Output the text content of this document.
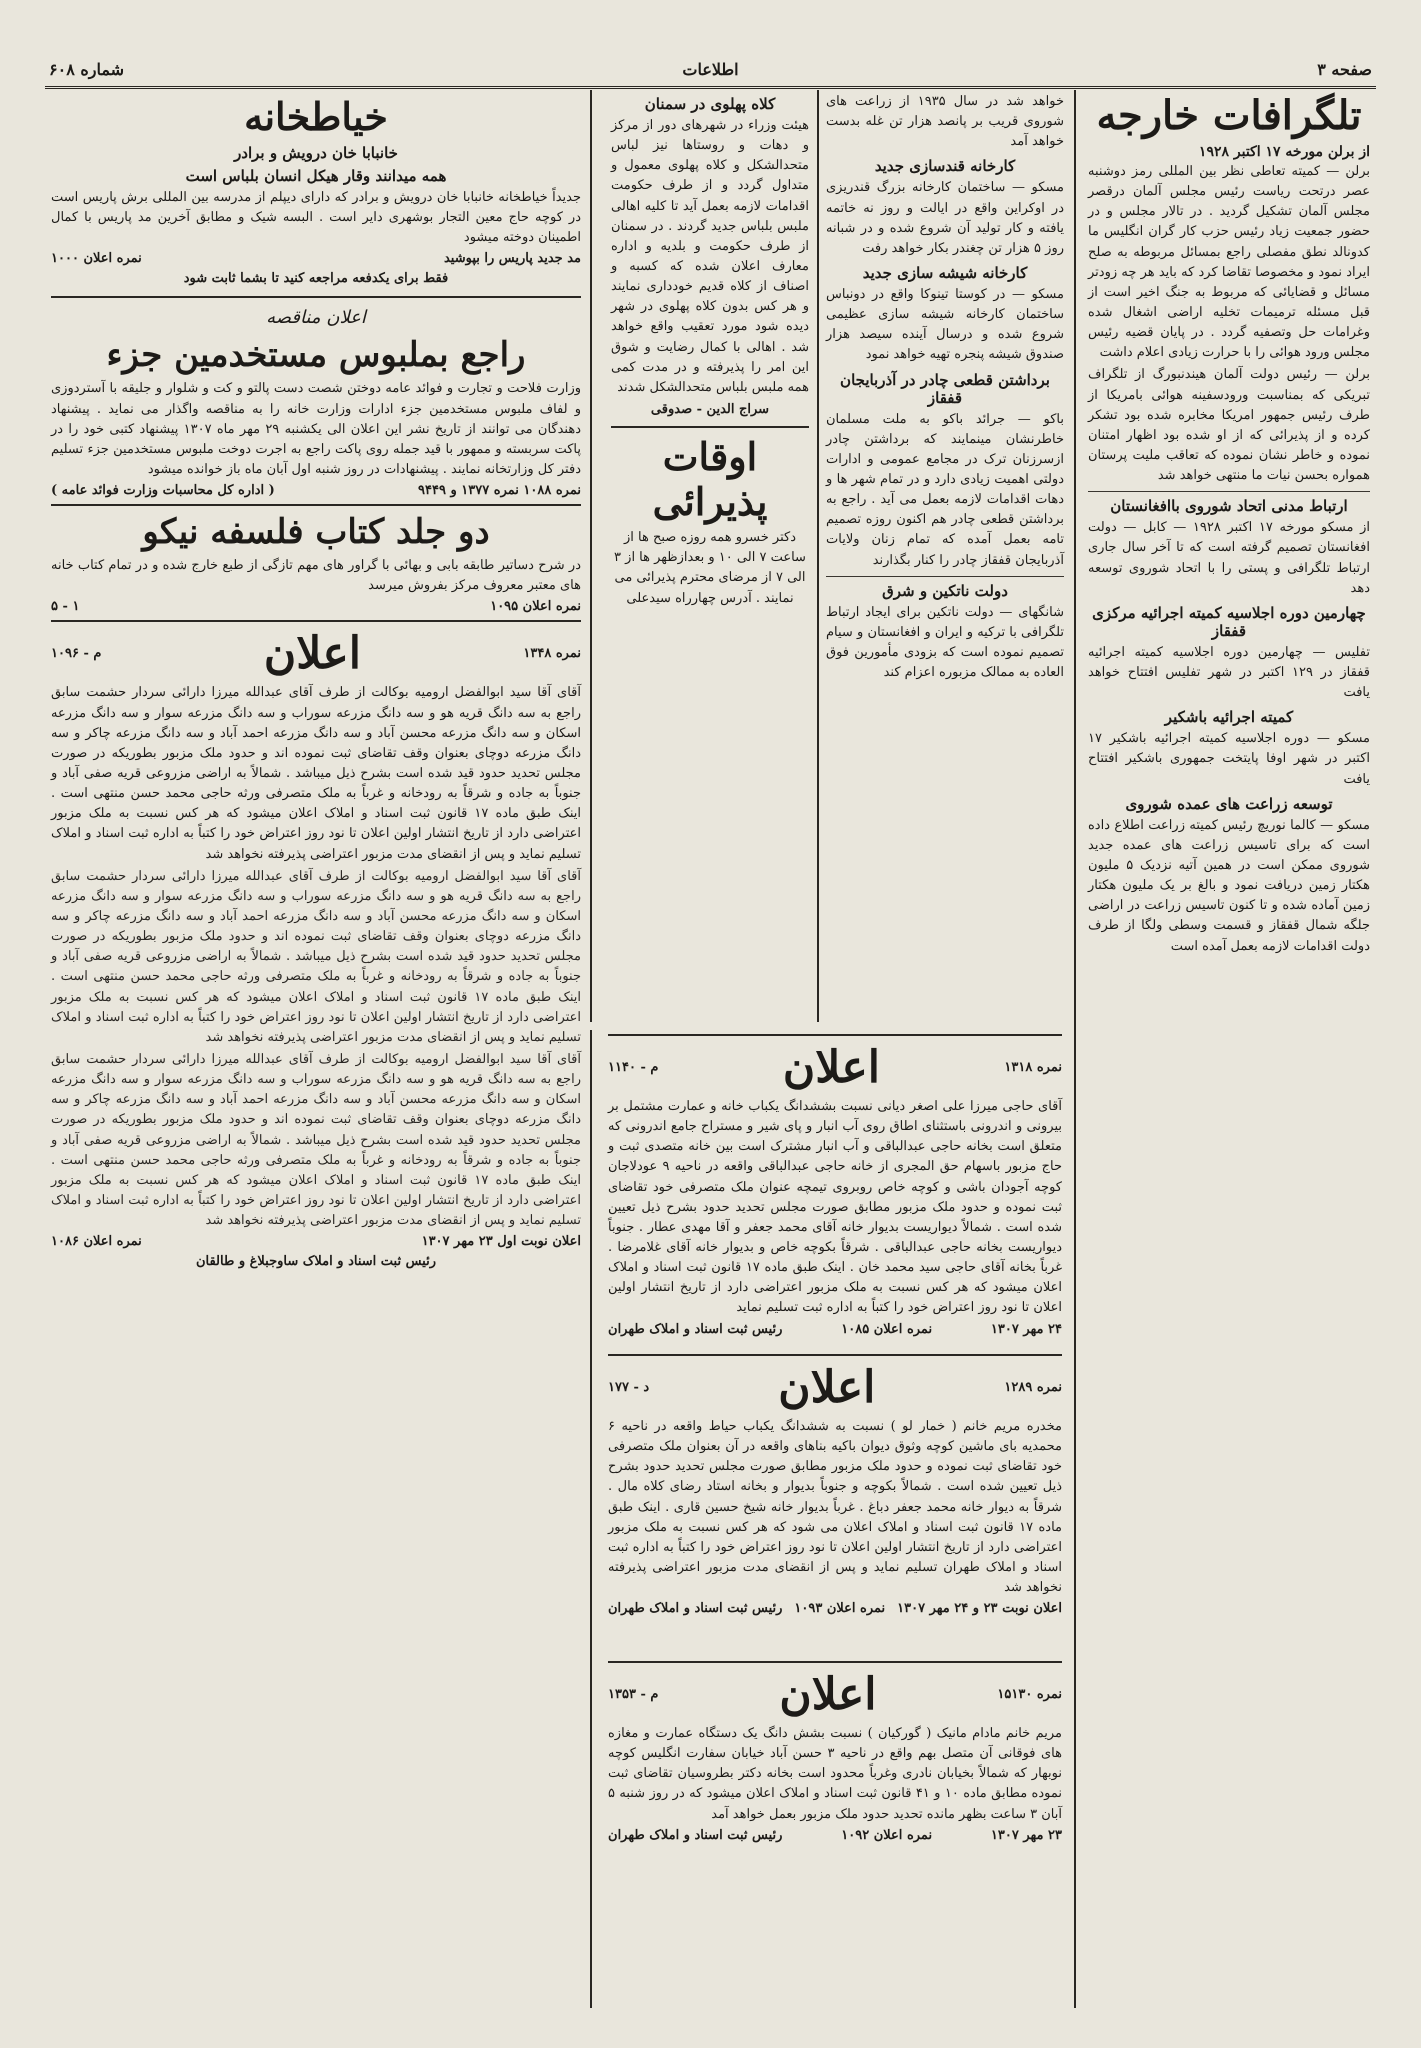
صفحه ۳
اطلاعات
شماره ۶۰۸
تلگرافات خارجه
از برلن مورخه ۱۷ اکتبر ۱۹۲۸

برلن — کمیته تعاطی نظر بین المللی رمز دوشنبه عصر درتحت ریاست رئیس مجلس آلمان درقصر مجلس آلمان تشکیل گردید . در تالار مجلس و در حضور جمعیت زیاد رئیس حزب کار گران انگلیس ما کدونالد نطق مفصلی راجع بمسائل مربوطه به صلح ایراد نمود و مخصوصا تقاضا کرد که باید هر چه زودتر مسائل و قضایائی که مربوط به جنگ اخیر است از قبل مسئله ترمیمات تخلیه اراضی اشغال شده وغرامات حل وتصفیه گردد . در پایان قضیه رئیس مجلس ورود هوائی را با حرارت زیادی اعلام داشت

برلن — رئیس دولت آلمان هیندنبورگ از تلگراف تبریکی که بمناسبت ورودسفینه هوائی بامریکا از طرف رئیس جمهور امریکا مخابره شده بود تشکر کرده و از پذیرائی که از او شده بود اظهار امتنان نموده و خاطر نشان نموده که تعاقب ملیت پرستان همواره بحسن نیات ما منتهی خواهد شد

ارتباط مدنی اتحاد شوروی باافغانستان

از مسکو مورخه ۱۷ اکتبر ۱۹۲۸ — کابل — دولت افغانستان تصمیم گرفته است که تا آخر سال جاری ارتباط تلگرافی و پستی را با اتحاد شوروی توسعه دهد

چهارمین دوره اجلاسیه کمیته اجرائیه مرکزی قفقاز

تفلیس — چهارمین دوره اجلاسیه کمیته اجرائیه قفقاز در ۱۲۹ اکتبر در شهر تفلیس افتتاح خواهد یافت

کمیته اجرائیه باشکیر

مسکو — دوره اجلاسیه کمیته اجرائیه باشکیر ۱۷ اکتبر در شهر اوفا پایتخت جمهوری باشکیر افتتاح یافت

توسعه زراعت های عمده شوروی

مسکو — کالما نوریچ رئیس کمیته زراعت اطلاع داده است که برای تاسیس زراعت های عمده جدید شوروی ممکن است در همین آتیه نزدیک ۵ ملیون هکتار زمین دریافت نمود و بالغ بر یک ملیون هکتار زمین آماده شده و تا کنون تاسیس زراعت در اراضی جلگه شمال قفقاز و قسمت وسطی ولگا از طرف دولت اقدامات لازمه بعمل آمده است

خواهد شد در سال ۱۹۳۵ از زراعت های شوروی قریب بر پانصد هزار تن غله بدست خواهد آمد

کارخانه قندسازی جدید

مسکو — ساختمان کارخانه بزرگ قندریزی در اوکراین واقع در ایالت و روز نه خاتمه یافته و کار تولید آن شروع شده و در شبانه روز ۵ هزار تن چغندر بکار خواهد رفت

کارخانه شیشه سازی جدید

مسکو — در کوستا تینوکا واقع در دونباس ساختمان کارخانه شیشه سازی عظیمی شروع شده و درسال آینده سیصد هزار صندوق شیشه پنجره تهیه خواهد نمود

برداشتن قطعی چادر در آذربایجان قفقاز

باکو — جرائد باکو به ملت مسلمان خاطرنشان مینمایند که برداشتن چادر ازسرزنان ترک در مجامع عمومی و ادارات دولتی اهمیت زیادی دارد و در تمام شهر ها و دهات اقدامات لازمه بعمل می آید . راجع به برداشتن قطعی چادر هم اکنون روزه تصمیم تامه بعمل آمده که تمام زنان ولایات آذربایجان قفقاز چادر را کنار بگذارند

دولت ناتکین و شرق

شانگهای — دولت ناتکین برای ایجاد ارتباط تلگرافی با ترکیه و ایران و افغانستان و سیام تصمیم نموده است که بزودی مأمورین فوق العاده به ممالک مزبوره اعزام کند

کلاه پهلوی در سمنان

هیئت وزراء در شهرهای دور از مرکز و دهات و روستاها نیز لباس متحدالشکل و کلاه پهلوی معمول و متداول گردد و از طرف حکومت اقدامات لازمه بعمل آید تا کلیه اهالی ملبس بلباس جدید گردند . در سمنان از طرف حکومت و بلدیه و اداره معارف اعلان شده که کسبه و اصناف از کلاه قدیم خودداری نمایند و هر کس بدون کلاه پهلوی در شهر دیده شود مورد تعقیب واقع خواهد شد . اهالی با کمال رضایت و شوق این امر را پذیرفته و در مدت کمی همه ملبس بلباس متحدالشکل شدند

سراج الدین - صدوقی

اوقات پذیرائی

دکتر خسرو همه روزه صبح ها از ساعت ۷ الی ۱۰ و بعدازظهر ها از ۳ الی ۷ از مرضای محترم پذیرائی می نمایند . آدرس چهارراه سیدعلی

خیاطخانه
خانبابا خان درویش و برادر
همه میدانند وقار هیکل انسان بلباس است

جدیداً خیاطخانه خانبابا خان درویش و برادر که دارای دیپلم از مدرسه بین المللی برش پاریس است در کوچه حاج معین التجار بوشهری دایر است . البسه شیک و مطابق آخرین مد پاریس با کمال اطمینان دوخته میشود

مد جدید پاریس را بپوشید
نمره اعلان ۱۰۰۰

فقط برای یکدفعه مراجعه کنید تا بشما ثابت شود

اعلان مناقصه

راجع بملبوس مستخدمین جزء

وزارت فلاحت و تجارت و فوائد عامه دوختن شصت دست پالتو و کت و شلوار و جلیقه با آستردوزی و لفاف ملبوس مستخدمین جزء ادارات وزارت خانه را به مناقصه واگذار می نماید . پیشنهاد دهندگان می توانند از تاریخ نشر این اعلان الی یکشنبه ۲۹ مهر ماه ۱۳۰۷ پیشنهاد کتبی خود را در پاکت سربسته و ممهور با قید جمله روی پاکت راجع به اجرت دوخت ملبوس مستخدمین جزء تسلیم دفتر کل وزارتخانه نمایند . پیشنهادات در روز شنبه اول آبان ماه باز خوانده میشود

نمره ۱۰۸۸ نمره ۱۳۷۷ و ۹۴۴۹
( اداره کل محاسبات وزارت فوائد عامه )
دو جلد کتاب فلسفه نیکو

در شرح دساتیر طابقه بابی و بهائی با گراور های مهم تازگی از طبع خارج شده و در تمام کتاب خانه های معتبر معروف مرکز بفروش میرسد

نمره اعلان ۱۰۹۵
۱ - ۵
نمره ۱۳۴۸
اعلان
م - ۱۰۹۶

آقای آقا سید ابوالفضل ارومیه بوکالت از طرف آقای عبدالله میرزا دارائی سردار حشمت سابق راجع به سه دانگ قریه هو و سه دانگ مزرعه سوراب و سه دانگ مزرعه سوار و سه دانگ مزرعه اسکان و سه دانگ مزرعه محسن آباد و سه دانگ مزرعه احمد آباد و سه دانگ مزرعه چاکر و سه دانگ مزرعه دوچای بعنوان وقف تقاضای ثبت نموده اند و حدود ملک مزبور بطوریکه در صورت مجلس تحدید حدود قید شده است بشرح ذیل میباشد . شمالاً به اراضی مزروعی قریه صفی آباد و جنوباً به جاده و شرقاً به رودخانه و غرباً به ملک متصرفی ورثه حاجی محمد حسن منتهی است . اینک طبق ماده ۱۷ قانون ثبت اسناد و املاک اعلان میشود که هر کس نسبت به ملک مزبور اعتراضی دارد از تاریخ انتشار اولین اعلان تا نود روز اعتراض خود را کتباً به اداره ثبت اسناد و املاک تسلیم نماید و پس از انقضای مدت مزبور اعتراضی پذیرفته نخواهد شد

آقای آقا سید ابوالفضل ارومیه بوکالت از طرف آقای عبدالله میرزا دارائی سردار حشمت سابق راجع به سه دانگ قریه هو و سه دانگ مزرعه سوراب و سه دانگ مزرعه سوار و سه دانگ مزرعه اسکان و سه دانگ مزرعه محسن آباد و سه دانگ مزرعه احمد آباد و سه دانگ مزرعه چاکر و سه دانگ مزرعه دوچای بعنوان وقف تقاضای ثبت نموده اند و حدود ملک مزبور بطوریکه در صورت مجلس تحدید حدود قید شده است بشرح ذیل میباشد . شمالاً به اراضی مزروعی قریه صفی آباد و جنوباً به جاده و شرقاً به رودخانه و غرباً به ملک متصرفی ورثه حاجی محمد حسن منتهی است . اینک طبق ماده ۱۷ قانون ثبت اسناد و املاک اعلان میشود که هر کس نسبت به ملک مزبور اعتراضی دارد از تاریخ انتشار اولین اعلان تا نود روز اعتراض خود را کتباً به اداره ثبت اسناد و املاک تسلیم نماید و پس از انقضای مدت مزبور اعتراضی پذیرفته نخواهد شد

آقای آقا سید ابوالفضل ارومیه بوکالت از طرف آقای عبدالله میرزا دارائی سردار حشمت سابق راجع به سه دانگ قریه هو و سه دانگ مزرعه سوراب و سه دانگ مزرعه سوار و سه دانگ مزرعه اسکان و سه دانگ مزرعه محسن آباد و سه دانگ مزرعه احمد آباد و سه دانگ مزرعه چاکر و سه دانگ مزرعه دوچای بعنوان وقف تقاضای ثبت نموده اند و حدود ملک مزبور بطوریکه در صورت مجلس تحدید حدود قید شده است بشرح ذیل میباشد . شمالاً به اراضی مزروعی قریه صفی آباد و جنوباً به جاده و شرقاً به رودخانه و غرباً به ملک متصرفی ورثه حاجی محمد حسن منتهی است . اینک طبق ماده ۱۷ قانون ثبت اسناد و املاک اعلان میشود که هر کس نسبت به ملک مزبور اعتراضی دارد از تاریخ انتشار اولین اعلان تا نود روز اعتراض خود را کتباً به اداره ثبت اسناد و املاک تسلیم نماید و پس از انقضای مدت مزبور اعتراضی پذیرفته نخواهد شد

اعلان نوبت اول ۲۳ مهر ۱۳۰۷
نمره اعلان ۱۰۸۶

رئیس ثبت اسناد و املاک ساوجبلاغ و طالقان

نمره ۱۳۱۸
اعلان
م - ۱۱۴۰

آقای حاجی میرزا علی اصغر دیانی نسبت بششدانگ یکباب خانه و عمارت مشتمل بر بیرونی و اندرونی باستثنای اطاق روی آب انبار و پای شیر و مستراح جامع اندرونی که متعلق است بخانه حاجی عبدالباقی و آب انبار مشترک است بین خانه متصدی ثبت و حاج مزبور باسهام حق المجری از خانه حاجی عبدالباقی واقعه در ناحیه ۹ عودلاجان کوچه آجودان باشی و کوچه خاص روبروی تیمچه عنوان ملک متصرفی خود تقاضای ثبت نموده و حدود ملک مزبور مطابق صورت مجلس تحدید حدود بشرح ذیل تعیین شده است . شمالاً دیواریست بدیوار خانه آقای محمد جعفر و آقا مهدی عطار . جنوباً دیواریست بخانه حاجی عبدالباقی . شرقاً بکوچه خاص و بدیوار خانه آقای غلامرضا . غرباً بخانه آقای حاجی سید محمد خان . اینک طبق ماده ۱۷ قانون ثبت اسناد و املاک اعلان میشود که هر کس نسبت به ملک مزبور اعتراضی دارد از تاریخ انتشار اولین اعلان تا نود روز اعتراض خود را کتباً به اداره ثبت تسلیم نماید

۲۴ مهر ۱۳۰۷
نمره اعلان ۱۰۸۵
رئیس ثبت اسناد و املاک طهران
نمره ۱۲۸۹
اعلان
د - ۱۷۷

مخدره مریم خانم ( خمار لو ) نسبت به ششدانگ یکباب حیاط واقعه در ناحیه ۶ محمدیه بای ماشین کوچه وثوق دیوان باکیه بناهای واقعه در آن بعنوان ملک متصرفی خود تقاضای ثبت نموده و حدود ملک مزبور مطابق صورت مجلس تحدید حدود بشرح ذیل تعیین شده است . شمالاً بکوچه و جنوباً بدیوار و بخانه استاد رضای کلاه مال . شرقاً به دیوار خانه محمد جعفر دباغ . غرباً بدیوار خانه شیخ حسین قاری . اینک طبق ماده ۱۷ قانون ثبت اسناد و املاک اعلان می شود که هر کس نسبت به ملک مزبور اعتراضی دارد از تاریخ انتشار اولین اعلان تا نود روز اعتراض خود را کتباً به اداره ثبت اسناد و املاک طهران تسلیم نماید و پس از انقضای مدت مزبور اعتراضی پذیرفته نخواهد شد

اعلان نوبت ۲۳ و ۲۴ مهر ۱۳۰۷
نمره اعلان ۱۰۹۳
رئیس ثبت اسناد و املاک طهران
نمره ۱۵۱۳۰
اعلان
م - ۱۳۵۳

مریم خانم مادام مانیک ( گورکیان ) نسبت بشش دانگ یک دستگاه عمارت و مغازه های فوقانی آن متصل بهم واقع در ناحیه ۳ حسن آباد خیابان سفارت انگلیس کوچه نوبهار که شمالاً بخیابان نادری وغرباً محدود است بخانه دکتر بطروسیان تقاضای ثبت نموده مطابق ماده ۱۰ و ۴۱ قانون ثبت اسناد و املاک اعلان میشود که در روز شنبه ۵ آبان ۳ ساعت بظهر مانده تحدید حدود ملک مزبور بعمل خواهد آمد

۲۳ مهر ۱۳۰۷
نمره اعلان ۱۰۹۲
رئیس ثبت اسناد و املاک طهران
